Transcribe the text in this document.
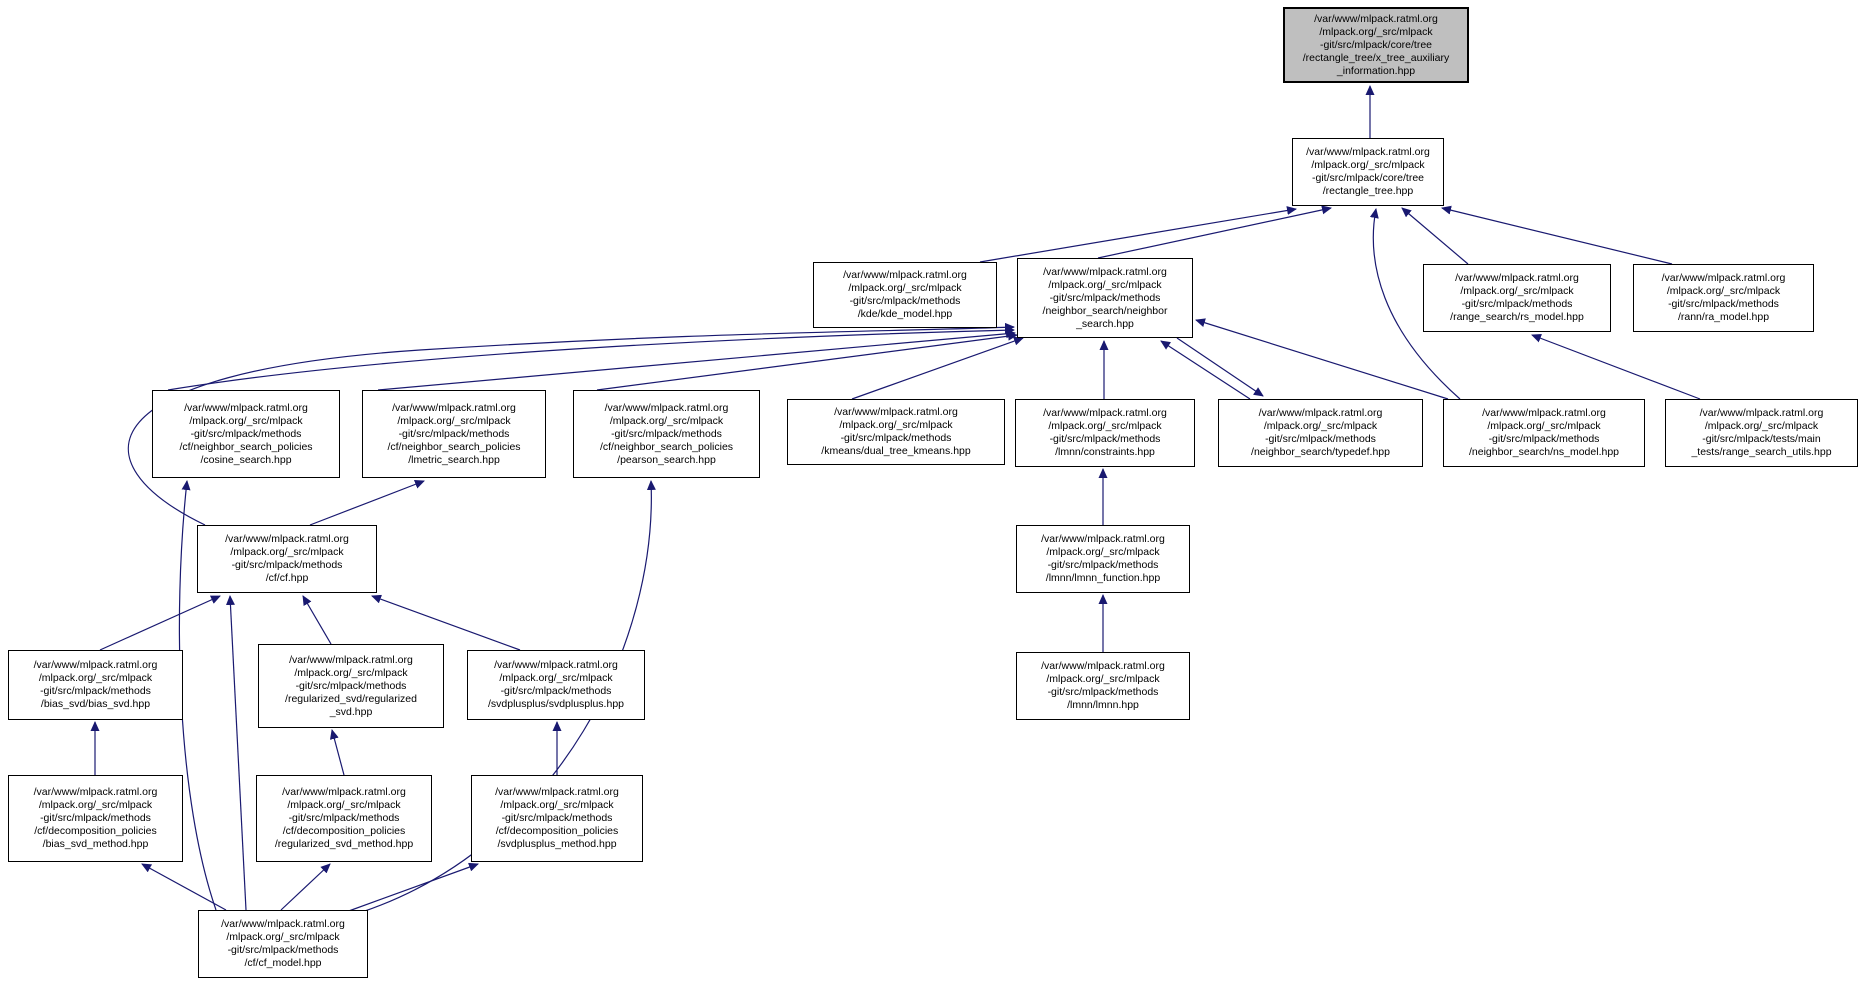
/var/www/mlpack.ratml.org
/mlpack.org/_src/mlpack
-git/src/mlpack/core/tree
/rectangle_tree/x_tree_auxiliary
_information.hpp
/var/www/mlpack.ratml.org
/mlpack.org/_src/mlpack
-git/src/mlpack/core/tree
/rectangle_tree.hpp
/var/www/mlpack.ratml.org
/mlpack.org/_src/mlpack
-git/src/mlpack/methods
/kde/kde_model.hpp
/var/www/mlpack.ratml.org
/mlpack.org/_src/mlpack
-git/src/mlpack/methods
/neighbor_search/neighbor
_search.hpp
/var/www/mlpack.ratml.org
/mlpack.org/_src/mlpack
-git/src/mlpack/methods
/range_search/rs_model.hpp
/var/www/mlpack.ratml.org
/mlpack.org/_src/mlpack
-git/src/mlpack/methods
/rann/ra_model.hpp
/var/www/mlpack.ratml.org
/mlpack.org/_src/mlpack
-git/src/mlpack/methods
/cf/neighbor_search_policies
/cosine_search.hpp
/var/www/mlpack.ratml.org
/mlpack.org/_src/mlpack
-git/src/mlpack/methods
/cf/neighbor_search_policies
/lmetric_search.hpp
/var/www/mlpack.ratml.org
/mlpack.org/_src/mlpack
-git/src/mlpack/methods
/cf/neighbor_search_policies
/pearson_search.hpp
/var/www/mlpack.ratml.org
/mlpack.org/_src/mlpack
-git/src/mlpack/methods
/kmeans/dual_tree_kmeans.hpp
/var/www/mlpack.ratml.org
/mlpack.org/_src/mlpack
-git/src/mlpack/methods
/lmnn/constraints.hpp
/var/www/mlpack.ratml.org
/mlpack.org/_src/mlpack
-git/src/mlpack/methods
/neighbor_search/typedef.hpp
/var/www/mlpack.ratml.org
/mlpack.org/_src/mlpack
-git/src/mlpack/methods
/neighbor_search/ns_model.hpp
/var/www/mlpack.ratml.org
/mlpack.org/_src/mlpack
-git/src/mlpack/tests/main
_tests/range_search_utils.hpp
/var/www/mlpack.ratml.org
/mlpack.org/_src/mlpack
-git/src/mlpack/methods
/cf/cf.hpp
/var/www/mlpack.ratml.org
/mlpack.org/_src/mlpack
-git/src/mlpack/methods
/lmnn/lmnn_function.hpp
/var/www/mlpack.ratml.org
/mlpack.org/_src/mlpack
-git/src/mlpack/methods
/bias_svd/bias_svd.hpp
/var/www/mlpack.ratml.org
/mlpack.org/_src/mlpack
-git/src/mlpack/methods
/regularized_svd/regularized
_svd.hpp
/var/www/mlpack.ratml.org
/mlpack.org/_src/mlpack
-git/src/mlpack/methods
/svdplusplus/svdplusplus.hpp
/var/www/mlpack.ratml.org
/mlpack.org/_src/mlpack
-git/src/mlpack/methods
/lmnn/lmnn.hpp
/var/www/mlpack.ratml.org
/mlpack.org/_src/mlpack
-git/src/mlpack/methods
/cf/decomposition_policies
/bias_svd_method.hpp
/var/www/mlpack.ratml.org
/mlpack.org/_src/mlpack
-git/src/mlpack/methods
/cf/decomposition_policies
/regularized_svd_method.hpp
/var/www/mlpack.ratml.org
/mlpack.org/_src/mlpack
-git/src/mlpack/methods
/cf/decomposition_policies
/svdplusplus_method.hpp
/var/www/mlpack.ratml.org
/mlpack.org/_src/mlpack
-git/src/mlpack/methods
/cf/cf_model.hpp
